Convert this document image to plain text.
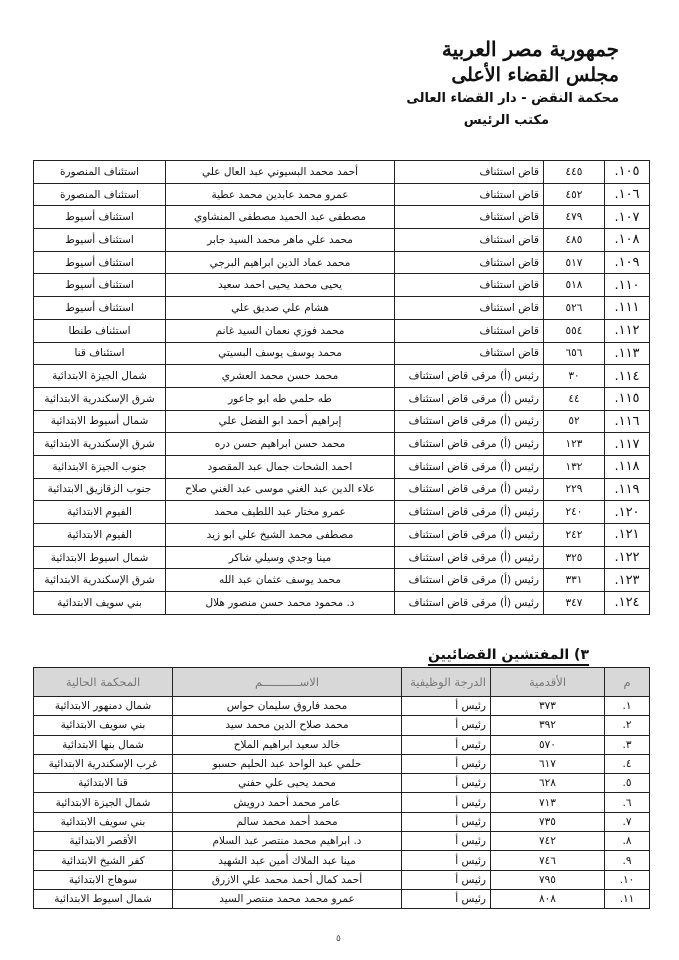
جمهورية مصر العربية
مجلس القضاء الأعلى
محكمة النقض - دار القضاء العالى
مكتب الرئيس
١٠٥.	٤٤٥	قاض استئناف	أحمد محمد البسيوني عبد العال علي	استئناف المنصورة
١٠٦.	٤٥٢	قاض استئناف	عمرو محمد عابدين محمد عطية	استئناف المنصورة
١٠٧.	٤٧٩	قاض استئناف	مصطفى عبد الحميد مصطفى المنشاوي	استئناف أسيوط
١٠٨.	٤٨٥	قاض استئناف	محمد علي ماهر محمد السيد جابر	استئناف أسيوط
١٠٩.	٥١٧	قاض استئناف	محمد عماد الدين ابراهيم البرجي	استئناف أسيوط
١١٠.	٥١٨	قاض استئناف	يحيى محمد يحيى احمد سعيد	استئناف أسيوط
١١١.	٥٢٦	قاض استئناف	هشام علي صديق علي	استئناف أسيوط
١١٢.	٥٥٤	قاض استئناف	محمد فوزي نعمان السيد غانم	استئناف طنطا
١١٣.	٦٥٦	قاض استئناف	محمد يوسف يوسف البسيتي	استئناف قنا
١١٤.	٣٠	رئيس (أ) مرقى قاض استئناف	محمد حسن محمد العشري	شمال الجيزة الابتدائية
١١٥.	٤٤	رئيس (أ) مرقى قاض استئناف	طه حلمي طه ابو جاعور	شرق الإسكندرية الابتدائية
١١٦.	٥٢	رئيس (أ) مرقى قاض استئناف	إبراهيم أحمد ابو الفضل علي	شمال أسيوط الابتدائية
١١٧.	١٢٣	رئيس (أ) مرقى قاض استئناف	محمد حسن ابراهيم حسن دره	شرق الإسكندرية الابتدائية
١١٨.	١٣٢	رئيس (أ) مرقى قاض استئناف	احمد الشحات جمال عبد المقصود	جنوب الجيزة الابتدائية
١١٩.	٢٢٩	رئيس (أ) مرقى قاض استئناف	علاء الدين عبد الغني موسى عبد الغني صلاح	جنوب الزقازيق الابتدائية
١٢٠.	٢٤٠	رئيس (أ) مرقى قاض استئناف	عمرو مختار عبد اللطيف محمد	الفيوم الابتدائية
١٢١.	٢٤٢	رئيس (أ) مرقى قاض استئناف	مصطفى محمد الشيخ علي ابو زيد	الفيوم الابتدائية
١٢٢.	٣٢٥	رئيس (أ) مرقى قاض استئناف	مينا وجدي وسيلي شاكر	شمال اسيوط الابتدائية
١٢٣.	٣٣١	رئيس (أ) مرقى قاض استئناف	محمد يوسف عثمان عبد الله	شرق الإسكندرية الابتدائية
١٢٤.	٣٤٧	رئيس (أ) مرقى قاض استئناف	د. محمود محمد حسن منصور هلال	بني سويف الابتدائية
٣) المفتشين القضائيين
م	الأقدمية	الدرجة الوظيفية	الاســـــــــــم	المحكمة الحالية
١.	٣٧٣	رئيس أ	محمد فاروق سليمان حواس	شمال دمنهور الابتدائية
٢.	٣٩٢	رئيس أ	محمد صلاح الدين محمد سيد	بني سويف الابتدائية
٣.	٥٧٠	رئيس أ	خالد سعيد ابراهيم الملاح	شمال بنها الابتدائية
٤.	٦١٧	رئيس أ	حلمي عبد الواحد عبد الحليم حسبو	غرب الإسكندرية الابتدائية
٥.	٦٢٨	رئيس أ	محمد يحيى علي حفني	قنا الابتدائية
٦.	٧١٣	رئيس أ	عامر محمد أحمد درويش	شمال الجيزة الابتدائية
٧.	٧٣٥	رئيس أ	محمد أحمد محمد سالم	بني سويف الابتدائية
٨.	٧٤٢	رئيس أ	د. ابراهيم محمد منتصر عبد السلام	الأقصر الابتدائية
٩.	٧٤٦	رئيس أ	مينا عبد الملاك أمين عبد الشهيد	كفر الشيخ الابتدائية
١٠.	٧٩٥	رئيس أ	أحمد كمال أحمد محمد علي الازرق	سوهاج الابتدائية
١١.	٨٠٨	رئيس أ	عمرو محمد محمد منتصر السيد	شمال اسيوط الابتدائية
٥
